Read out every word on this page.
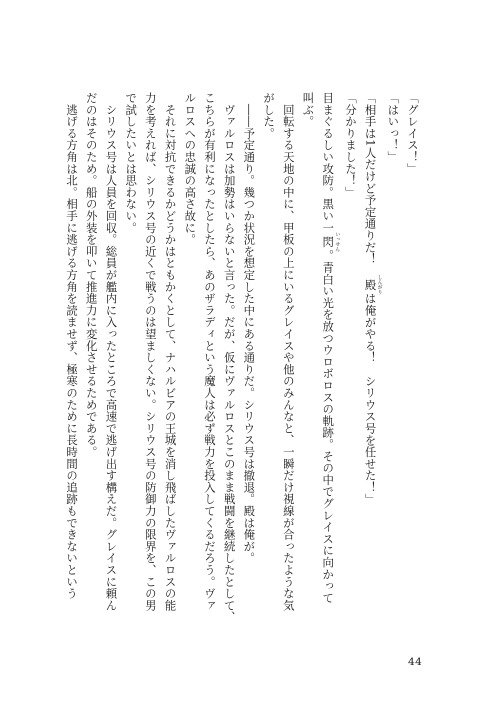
「グレイス！」

「はいっ！」

「相手は1人だけど予定通りだ！　殿 しんがりは俺がやる！　シリウス号を任せた！」

「分かりました！」

目まぐるしい攻防。黒い一閃 いっせん。青白い光を放つウロボロスの軌跡。その中でグレイスに向かって

叫ぶ。

　回転する天地の中に、甲板の上にいるグレイスや他のみんなと、一瞬だけ視線が合ったような気

がした。

　――予定通り。幾つか状況を想定した中にある通りだ。シリウス号は撤退。殿は俺が。

　ヴァルロスは加勢はいらないと言った。だが、仮にヴァルロスとこのまま戦闘を継続したとして、

こちらが有利になったとしたら、あのザラディという魔人は必ず戦力を投入してくるだろう。ヴァ

ルロスへの忠誠の高さ故に。

　それに対抗できるかどうかはともかくとして、ナハルビアの王城を消し飛ばしたヴァルロスの能

力を考えれば、シリウス号の近くで戦うのは望ましくない。シリウス号の防御力の限界を、この男

で試したいとは思わない。

　シリウス号は人員を回収。総員が艦内に入ったところで高速で逃げ出す構えだ。グレイスに頼ん

だのはそのため。船の外装を叩いて推進力に変化させるためである。

　逃げる方角は北。相手に逃げる方角を読ませず、極寒のために長時間の追跡もできないという

44
